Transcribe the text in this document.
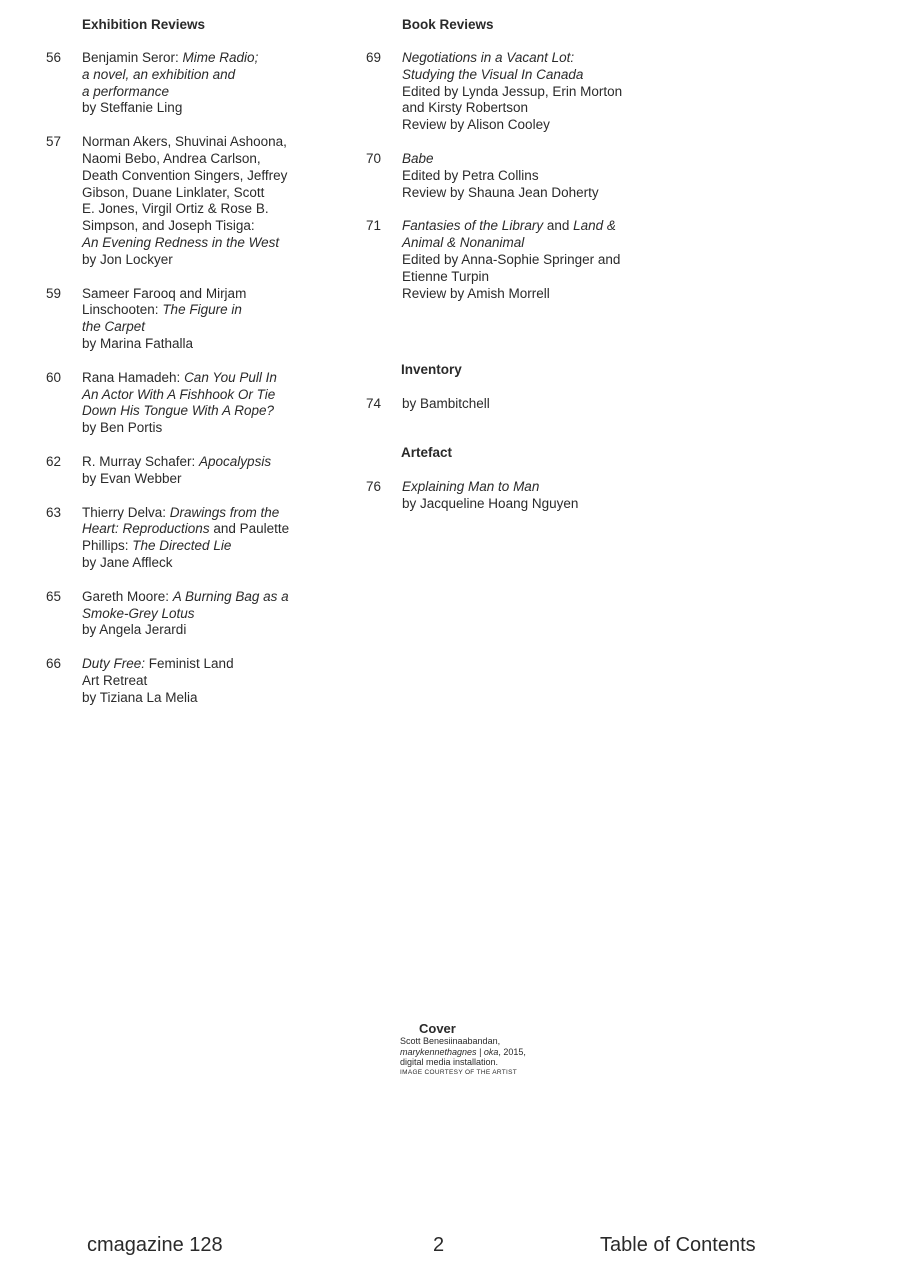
Exhibition Reviews
56	Benjamin Seror: Mime Radio;
a novel, an exhibition and
a performance
by Steffanie Ling
57	Norman Akers, Shuvinai Ashoona,
Naomi Bebo, Andrea Carlson,
Death Convention Singers, Jeffrey
Gibson, Duane Linklater, Scott
E. Jones, Virgil Ortiz & Rose B.
Simpson, and Joseph Tisiga:
An Evening Redness in the West
by Jon Lockyer
59	Sameer Farooq and Mirjam
Linschooten: The Figure in
the Carpet
by Marina Fathalla
60	Rana Hamadeh: Can You Pull In
An Actor With A Fishhook Or Tie
Down His Tongue With A Rope?
by Ben Portis
62	R. Murray Schafer: Apocalypsis
by Evan Webber
63	Thierry Delva: Drawings from the
Heart: Reproductions and Paulette
Phillips: The Directed Lie
by Jane Affleck
65	Gareth Moore: A Burning Bag as a
Smoke-Grey Lotus
by Angela Jerardi
66	Duty Free: Feminist Land
Art Retreat
by Tiziana La Melia
Book Reviews
69	Negotiations in a Vacant Lot:
Studying the Visual In Canada
Edited by Lynda Jessup, Erin Morton
and Kirsty Robertson
Review by Alison Cooley
70	Babe
Edited by Petra Collins
Review by Shauna Jean Doherty
71	Fantasies of the Library and Land &
Animal & Nonanimal
Edited by Anna-Sophie Springer and
Etienne Turpin
Review by Amish Morrell
Inventory
74	by Bambitchell
Artefact
76	Explaining Man to Man
by Jacqueline Hoang Nguyen
Cover
Scott Benesiinaabandan,
marykennethagnes | oka, 2015,
digital media installation.
IMAGE COURTESY OF THE ARTIST
cmagazine 128	2	Table of Contents
